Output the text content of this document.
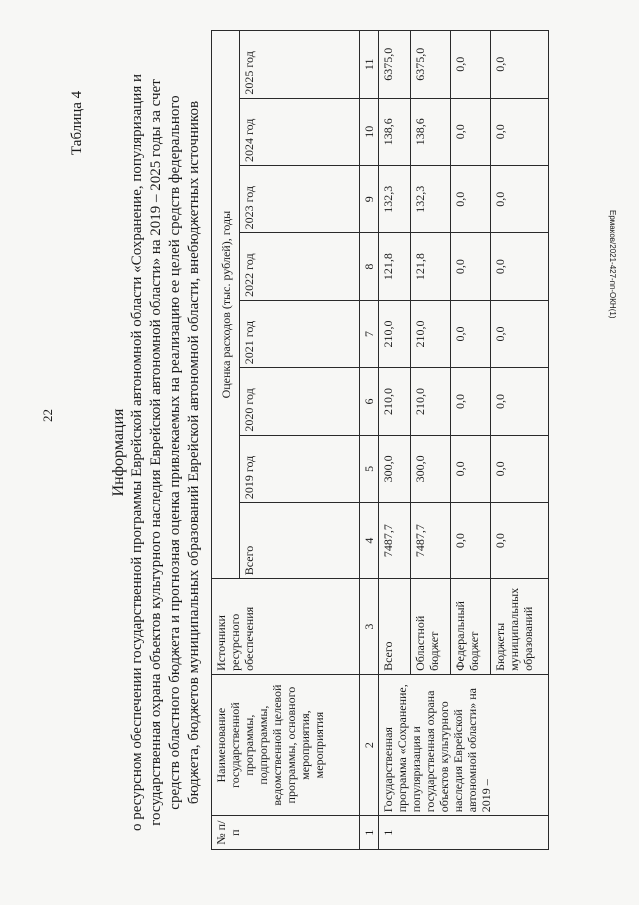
22
Ермаков/2021-427-пп-ОКН(1)
Таблица 4
Информация о ресурсном обеспечении государственной программы Еврейской автономной области «Сохранение, популяризация и государственная охрана объектов культурного наследия Еврейской автономной области» на 2019 – 2025 годы за счет средств областного бюджета и прогнозная оценка привлекаемых на реализацию ее целей средств федерального бюджета, бюджетов муниципальных образований Еврейской автономной области, внебюджетных источников
№ п/п	Наименование государственной программы, подпрограммы, ведомственной целевой программы, основного мероприятия, мероприятия	Источники ресурсного обеспечения	Оценка расходов (тыс. рублей), годы							
			Всего	2019 год	2020 год	2021 год	2022 год	2023 год	2024 год	2025 год
1	2	3	4	5	6	7	8	9	10	11
1	Государственная программа «Сохранение, популяризация и государственная охрана объектов культурного наследия Еврейской автономной области» на 2019 –	Всего	7487,7	300,0	210,0	210,0	121,8	132,3	138,6	6375,0
		Областной бюджет	7487,7	300,0	210,0	210,0	121,8	132,3	138,6	6375,0
		Федеральный бюджет	0,0	0,0	0,0	0,0	0,0	0,0	0,0	0,0
		Бюджеты муниципальных образований	0,0	0,0	0,0	0,0	0,0	0,0	0,0	0,0
